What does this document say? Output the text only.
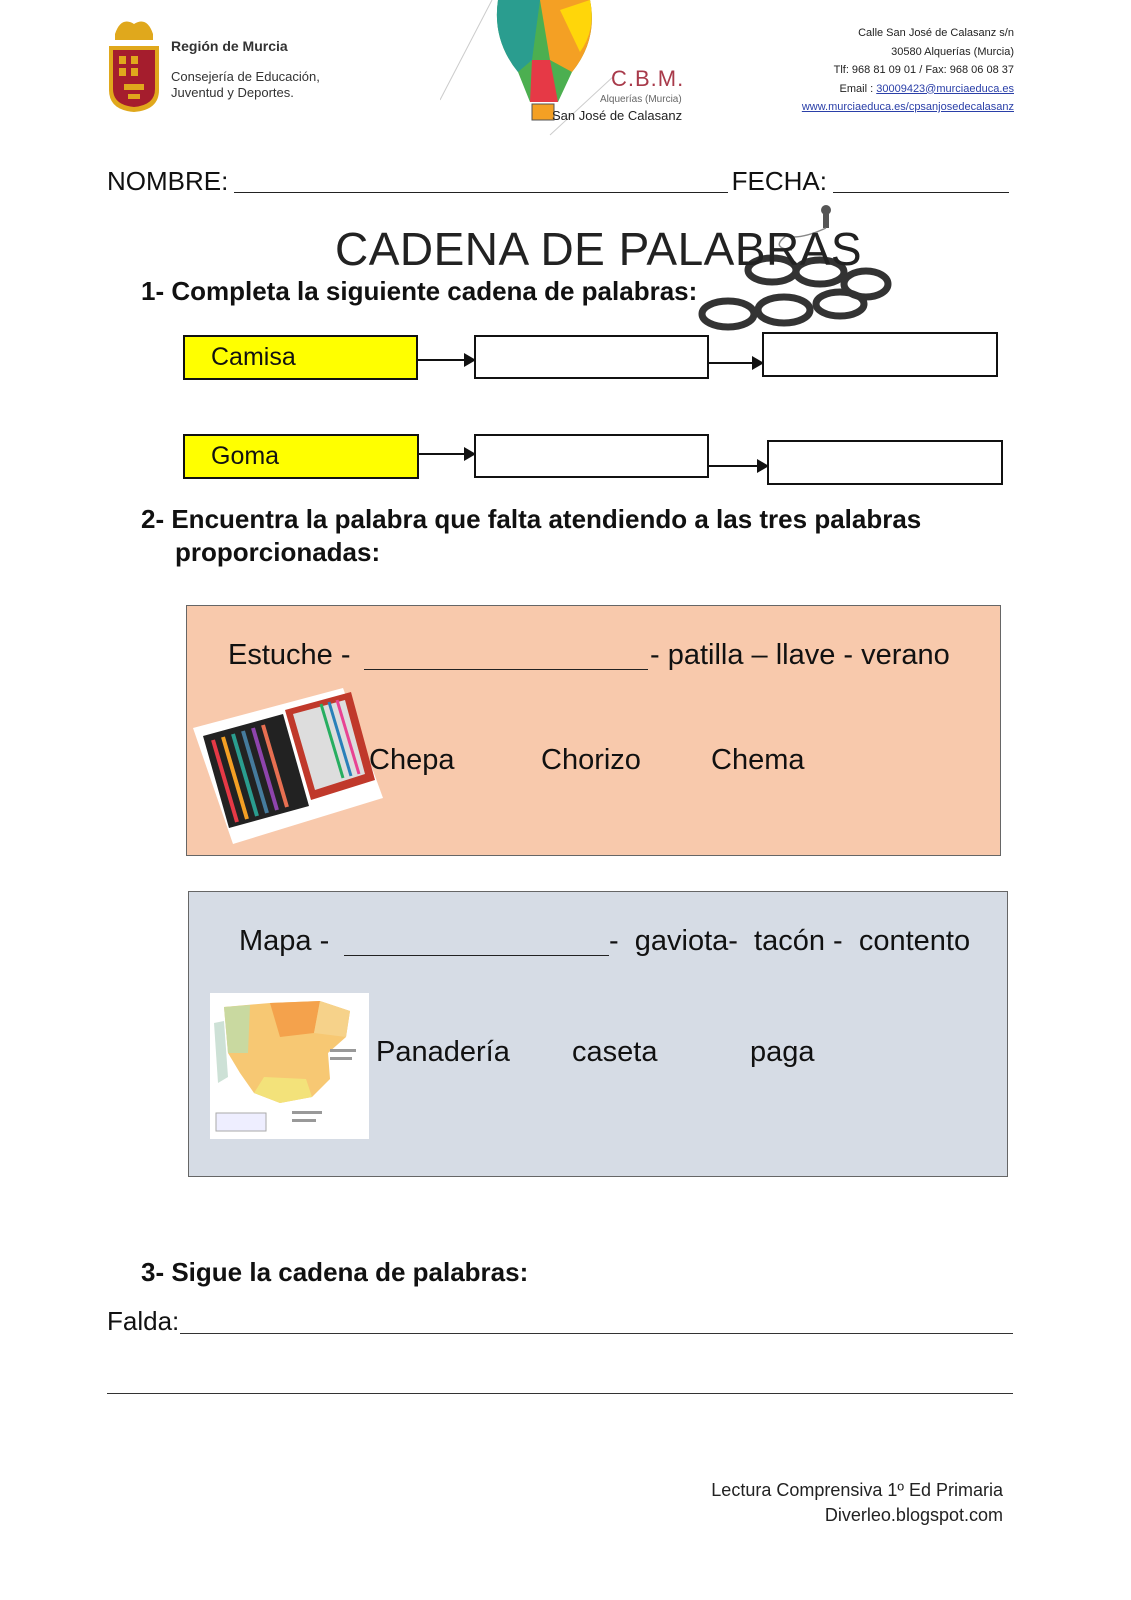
Región de Murcia
Consejería de Educación,
Juventud y Deportes.
C.B.M.
Alquerías (Murcia)
San José de Calasanz
Calle San José de Calasanz s/n
30580 Alquerías (Murcia)
Tlf: 968 81 09 01 / Fax: 968 06 08 37
Email : 30009423@murciaeduca.es
www.murciaeduca.es/cpsanjosedecalasanz
NOMBRE:	FECHA:
CADENA DE PALABRAS
1- Completa la siguiente cadena de palabras:
Camisa
Goma
2- Encuentra la palabra que falta atendiendo a las tres palabras
proporcionadas:
Estuche -	- patilla – llave - verano
Chepa	Chorizo Chema
Mapa -	-  gaviota-  tacón -  contento
Panadería caseta	paga
3- Sigue la cadena de palabras:
Falda:
Lectura Comprensiva 1º Ed Primaria
Diverleo.blogspot.com
